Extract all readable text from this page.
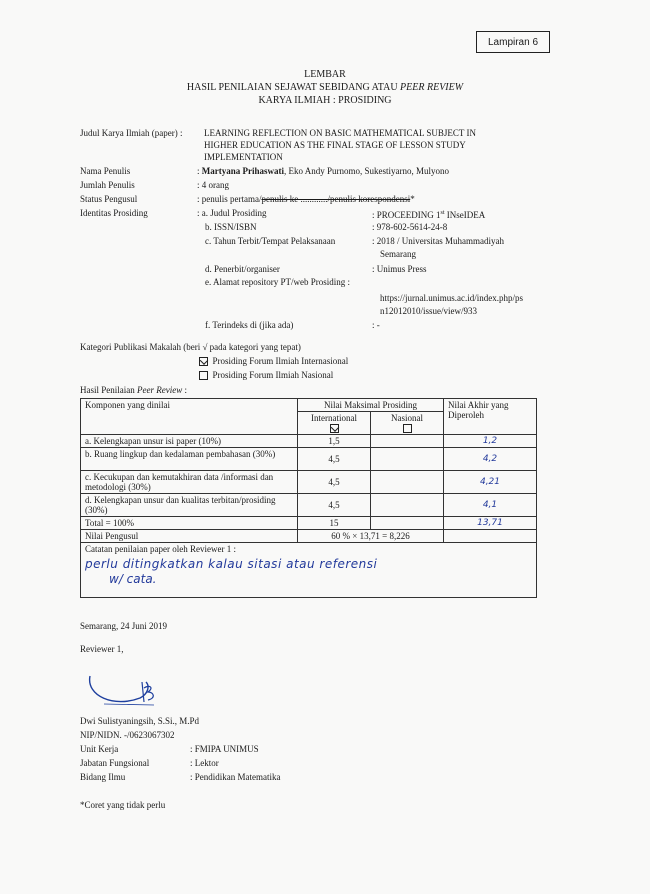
Lampiran 6
LEMBAR
HASIL PENILAIAN SEJAWAT SEBIDANG ATAU PEER REVIEW
KARYA ILMIAH : PROSIDING
Judul Karya Ilmiah (paper) : LEARNING REFLECTION ON BASIC MATHEMATICAL SUBJECT IN
HIGHER EDUCATION AS THE FINAL STAGE OF LESSON STUDY
IMPLEMENTATION
Nama Penulis	: Martyana Prihaswati, Eko Andy Purnomo, Sukestiyarno, Mulyono
Jumlah Penulis	: 4 orang
Status Pengusul	: penulis pertama/penulis ke ............/penulis korespondensi*
Identitas Prosiding	: a. Judul Prosiding	: PROCEEDING 1st INseIDEA
b. ISSN/ISBN	: 978-602-5614-24-8
c. Tahun Terbit/Tempat Pelaksanaan	: 2018 / Universitas Muhammadiyah
Semarang
d. Penerbit/organiser	: Unimus Press
e. Alamat repository PT/web Prosiding :
https://jurnal.unimus.ac.id/index.php/ps
n12012010/issue/view/933
f. Terindeks di (jika ada)	: -
Kategori Publikasi Makalah (beri √ pada kategori yang tepat)
Prosiding Forum Ilmiah Internasional
Prosiding Forum Ilmiah Nasional
Hasil Penilaian Peer Review :
Komponen yang dinilai	Nilai Maksimal Prosiding		Nilai Akhir yang Diperoleh
	International	Nasional	

a. Kelengkapan unsur isi paper (10%)	1,5		1,2
b. Ruang lingkup dan kedalaman pembahasan (30%)	4,5		4,2
c. Kecukupan dan kemutakhiran data /informasi dan metodologi (30%)	4,5		4,21
d. Kelengkapan unsur dan kualitas terbitan/prosiding (30%)	4,5		4,1
Total = 100%	15		13,71
Nilai Pengusul	60 % × 13,71 = 8,226		

Catatan penilaian paper oleh Reviewer 1 :
perlu ditingkatkan kalau sitasi atau referensi
w/ cata.			
Semarang, 24 Juni 2019
Reviewer 1,
Dwi Sulistyaningsih, S.Si., M.Pd
NIP/NIDN. -/0623067302
Unit Kerja	: FMIPA UNIMUS
Jabatan Fungsional	: Lektor
Bidang Ilmu	: Pendidikan Matematika
*Coret yang tidak perlu
